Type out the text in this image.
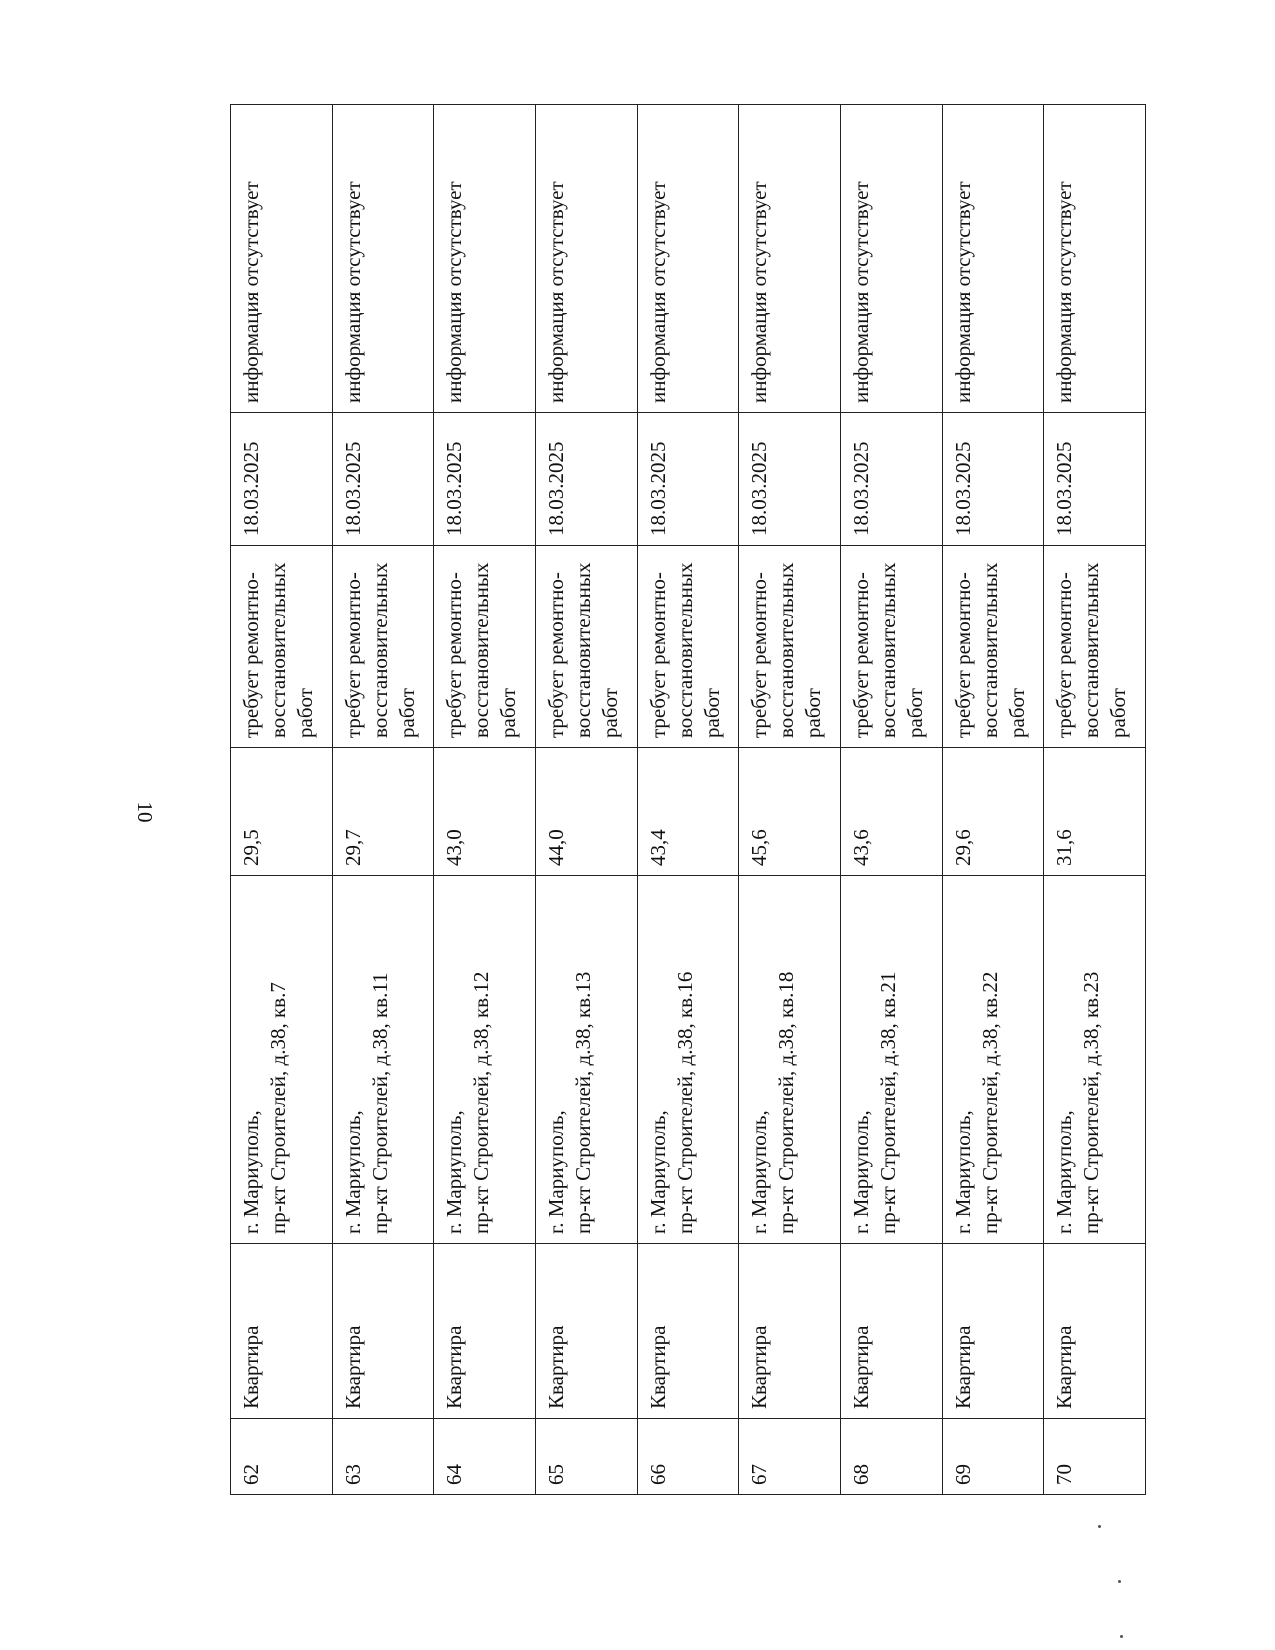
10
62	Квартира	г. Мариуполь,
пр-кт Строителей, д.38, кв.7	29,5	требует ремонтно-
восстановительных
работ	18.03.2025	информация отсутствует
63	Квартира	г. Мариуполь,
пр-кт Строителей, д.38, кв.11	29,7	требует ремонтно-
восстановительных
работ	18.03.2025	информация отсутствует
64	Квартира	г. Мариуполь,
пр-кт Строителей, д.38, кв.12	43,0	требует ремонтно-
восстановительных
работ	18.03.2025	информация отсутствует
65	Квартира	г. Мариуполь,
пр-кт Строителей, д.38, кв.13	44,0	требует ремонтно-
восстановительных
работ	18.03.2025	информация отсутствует
66	Квартира	г. Мариуполь,
пр-кт Строителей, д.38, кв.16	43,4	требует ремонтно-
восстановительных
работ	18.03.2025	информация отсутствует
67	Квартира	г. Мариуполь,
пр-кт Строителей, д.38, кв.18	45,6	требует ремонтно-
восстановительных
работ	18.03.2025	информация отсутствует
68	Квартира	г. Мариуполь,
пр-кт Строителей, д.38, кв.21	43,6	требует ремонтно-
восстановительных
работ	18.03.2025	информация отсутствует
69	Квартира	г. Мариуполь,
пр-кт Строителей, д.38, кв.22	29,6	требует ремонтно-
восстановительных
работ	18.03.2025	информация отсутствует
70	Квартира	г. Мариуполь,
пр-кт Строителей, д.38, кв.23	31,6	требует ремонтно-
восстановительных
работ	18.03.2025	информация отсутствует
